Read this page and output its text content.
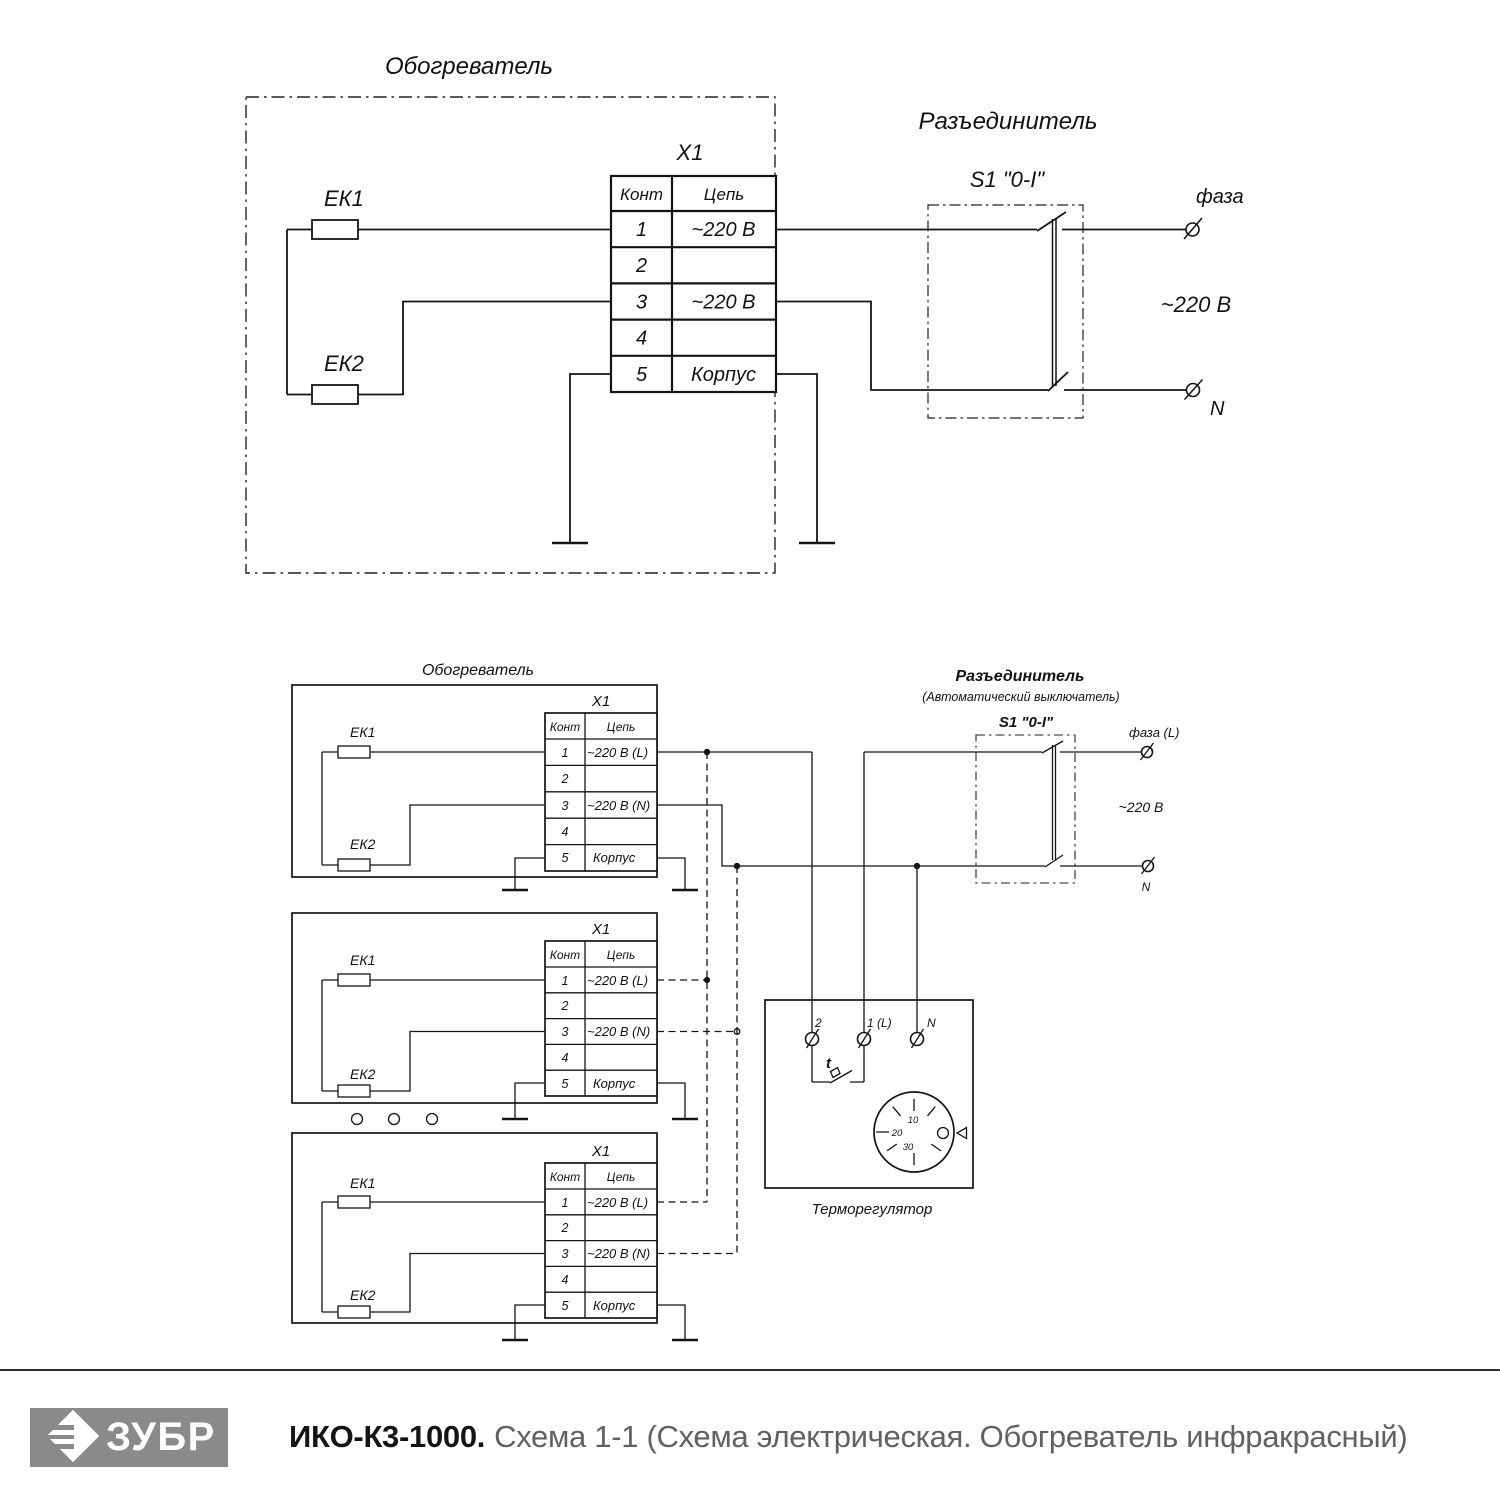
Обогреватель
ЕК1
ЕК2
X1
Конт Цепь
1
2
3
4
5
~220 В
~220 В
Корпус
Разъединитель
S1 "0-I"
фаза
~220 В
N
Обогреватель
X1
Конт Цепь
1
2
3
4
5
~220 В (L)
~220 В (N)
Корпус
ЕК1
ЕК2
X1
Конт Цепь
1
2
3
4
5
~220 В (L)
~220 В (N)
Корпус
ЕК1
ЕК2
X1
Конт Цепь
1
2
3
4
5
~220 В (L)
~220 В (N)
Корпус
ЕК1
ЕК2
Разъединитель
(Автоматический выключатель)
S1 "0-I"
фаза (L)
~220 В
N
Терморегулятор
2	1 (L)	N
t
10
20
30
ЗУБР ИКО-К3-1000. Схема 1-1 (Схема электрическая. Обогреватель инфракрасный)
